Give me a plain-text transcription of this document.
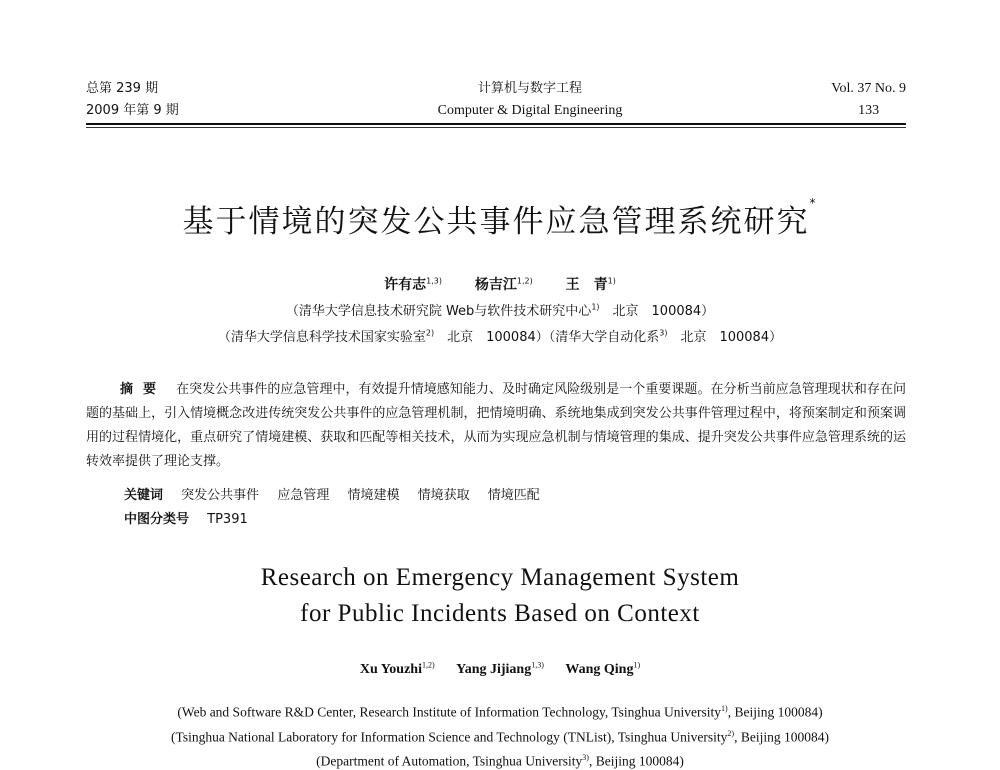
总第 239 期
2009 年第 9 期
计算机与数字工程
Computer & Digital Engineering
Vol. 37 No. 9
133
基于情境的突发公共事件应急管理系统研究*
许有志$^{1,3)}$ 杨吉江$^{1,2)}$ 王　青$^{1)}$
（清华大学信息技术研究院 Web与软件技术研究中心$^{1)}$　北京　100084）
（清华大学信息科学技术国家实验室$^{2)}$　北京　100084）（清华大学自动化系$^{3)}$　北京　100084）
摘要 在突发公共事件的应急管理中，有效提升情境感知能力、及时确定风险级别是一个重要课题。在分析当前应急管理现状和存在问题的基础上，引入情境概念改进传统突发公共事件的应急管理机制，把情境明确、系统地集成到突发公共事件管理过程中，将预案制定和预案调用的过程情境化，重点研究了情境建模、获取和匹配等相关技术，从而为实现应急机制与情境管理的集成、提升突发公共事件应急管理系统的运转效率提供了理论支撑。
关键词 突发公共事件 应急管理 情境建模 情境获取 情境匹配
中图分类号 TP391
Research on Emergency Management System
for Public Incidents Based on Context
Xu Youzhi$^{1,2)}$ Yang Jijiang$^{1,3)}$ Wang Qing$^{1)}$
(Web and Software R&D Center, Research Institute of Information Technology, Tsinghua University$^{1)}$, Beijing 100084)
(Tsinghua National Laboratory for Information Science and Technology (TNList), Tsinghua University$^{2)}$, Beijing 100084)
(Department of Automation, Tsinghua University$^{3)}$, Beijing 100084)
